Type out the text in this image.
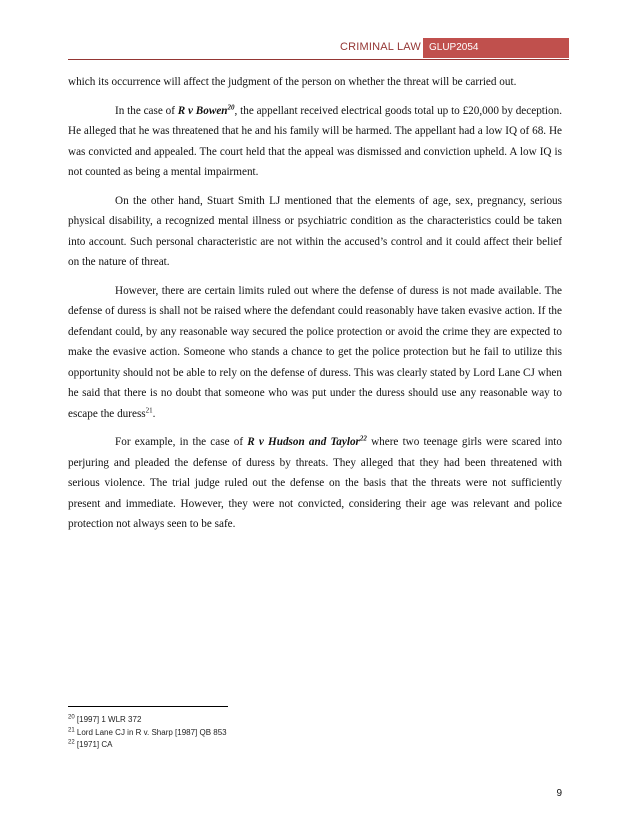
CRIMINAL LAW GLUP2054

which its occurrence will affect the judgment of the person on whether the threat will be carried out.

In the case of R v Bowen$^{20}$, the appellant received electrical goods total up to £20,000 by deception. He alleged that he was threatened that he and his family will be harmed. The appellant had a low IQ of 68. He was convicted and appealed. The court held that the appeal was dismissed and conviction upheld. A low IQ is not counted as being a mental impairment.

On the other hand, Stuart Smith LJ mentioned that the elements of age, sex, pregnancy, serious physical disability, a recognized mental illness or psychiatric condition as the characteristics could be taken into account. Such personal characteristic are not within the accused’s control and it could affect their belief on the nature of threat.

However, there are certain limits ruled out where the defense of duress is not made available. The defense of duress is shall not be raised where the defendant could reasonably have taken evasive action. If the defendant could, by any reasonable way secured the police protection or avoid the crime they are expected to make the evasive action. Someone who stands a chance to get the police protection but he fail to utilize this opportunity should not be able to rely on the defense of duress. This was clearly stated by Lord Lane CJ when he said that there is no doubt that someone who was put under the duress should use any reasonable way to escape the duress$^{21}$.

For example, in the case of R v Hudson and Taylor$^{22}$ where two teenage girls were scared into perjuring and pleaded the defense of duress by threats. They alleged that they had been threatened with serious violence. The trial judge ruled out the defense on the basis that the threats were not sufficiently present and immediate. However, they were not convicted, considering their age was relevant and police protection not always seen to be safe.

$^{20}$ [1997] 1 WLR 372
$^{21}$ Lord Lane CJ in R v. Sharp [1987] QB 853
$^{22}$ [1971] CA
9
